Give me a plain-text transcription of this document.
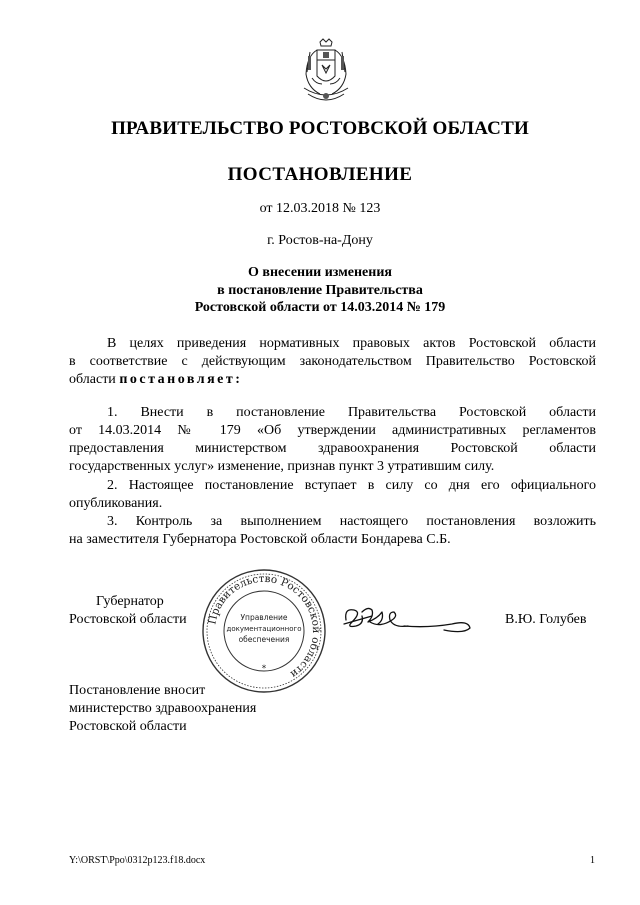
ПРАВИТЕЛЬСТВО РОСТОВСКОЙ ОБЛАСТИ
ПОСТАНОВЛЕНИЕ
от 12.03.2018 № 123
г. Ростов-на-Дону
О внесении изменения
в постановление Правительства
Ростовской области от 14.03.2014 № 179
В целях приведения нормативных правовых актов Ростовской области
в соответствие с действующим законодательством Правительство Ростовской
области постановляет:
1. Внести в постановление Правительства Ростовской области
от 14.03.2014 № 179 «Об утверждении административных регламентов
предоставления министерством здравоохранения Ростовской области
государственных услуг» изменение, признав пункт 3 утратившим силу.
2. Настоящее постановление вступает в силу со дня его официального
опубликования.
3. Контроль за выполнением настоящего постановления возложить
на заместителя Губернатора Ростовской области Бондарева С.Б.
Губернатор
Ростовской области	В.Ю. Голубев
Правительство Ростовской области
Управление
документационного
обеспечения
*
Постановление вносит
министерство здравоохранения
Ростовской области
Y:\ORST\Ppo\0312p123.f18.docx	1
